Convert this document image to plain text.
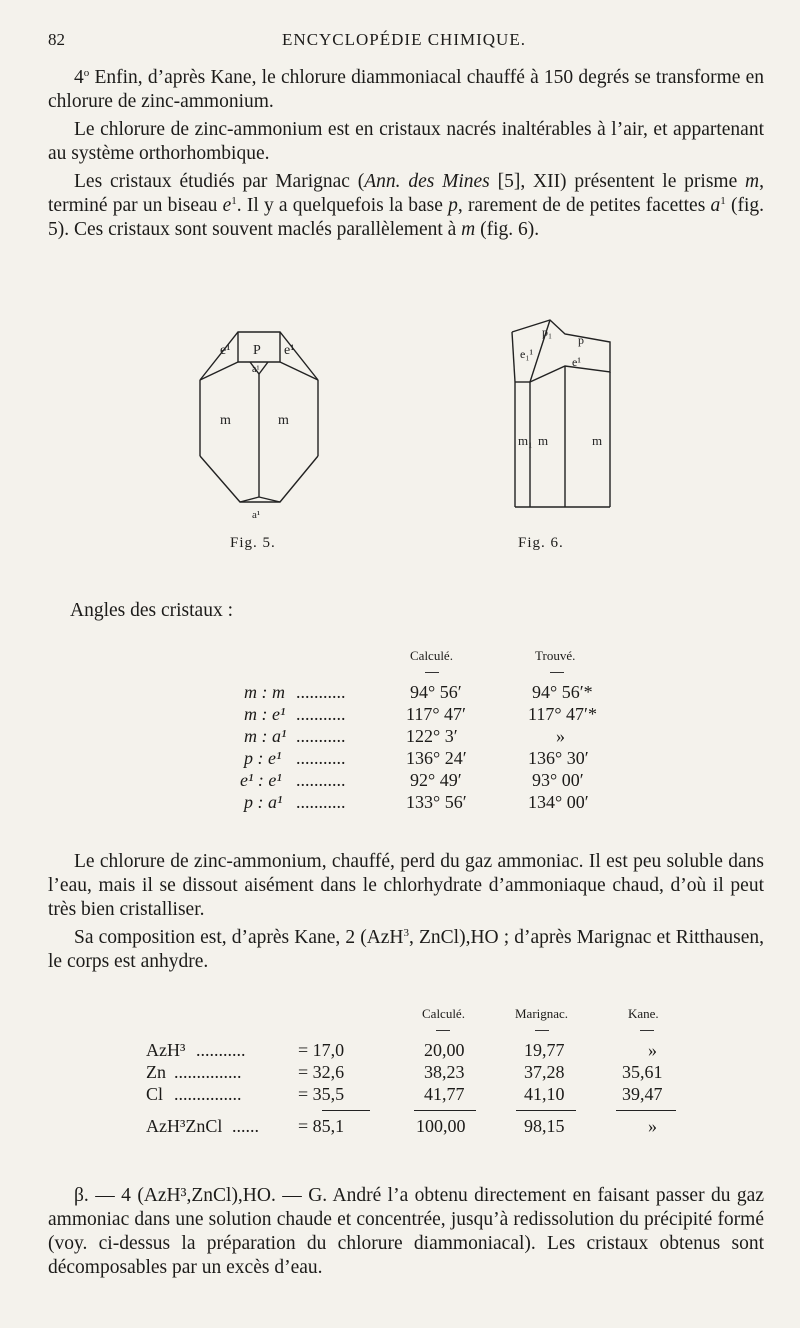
82	ENCYCLOPÉDIE CHIMIQUE.
4$^o$ Enfin, d’après Kane, le chlorure diammoniacal chauffé à 150 degrés se transforme en chlorure de zinc-ammonium.
Le chlorure de zinc-ammonium est en cristaux nacrés inaltérables à l’air, et appartenant au système orthorhombique.
Les cristaux étudiés par Marignac (Ann. des Mines [5], XII) présentent le prisme m, terminé par un biseau $e^1$. Il y a quelquefois la base p, rarement de de petites facettes $a^1$ (fig. 5). Ces cristaux sont souvent maclés parallèlement à m (fig. 6).
e¹ P e¹
a¹
m	m
a¹
p₁
p
e₁¹
e¹
m₁ m	m
Fig. 5.	Fig. 6.
Angles des cristaux :
Calculé.	Trouvé.
m : m ...........	94° 56′	94° 56′*
m : e¹ ...........	117° 47′	117° 47′*
m : a¹ ...........	122° 3′	»
p : e¹ ...........	136° 24′	136° 30′
e¹ : e¹ ...........	92° 49′	93° 00′
p : a¹ ...........	133° 56′	134° 00′
Le chlorure de zinc-ammonium, chauffé, perd du gaz ammoniac. Il est peu soluble dans l’eau, mais il se dissout aisément dans le chlorhydrate d’ammoniaque chaud, d’où il peut très bien cristalliser.
Sa composition est, d’après Kane, 2 (AzH$^3$, ZnCl),HO ; d’après Marignac et Ritthausen, le corps est anhydre.
Calculé.	Marignac.	Kane.
AzH³ ...........	= 17,0	20,00	19,77	»
Zn ...............	= 32,6	38,23	37,28	35,61
Cl ...............	= 35,5	41,77	41,10	39,47
AzH³ZnCl ...... = 85,1	100,00	98,15	»
β. — 4 (AzH³,ZnCl),HO. — G. André l’a obtenu directement en faisant passer du gaz ammoniac dans une solution chaude et concentrée, jusqu’à redissolution du précipité formé (voy. ci-dessus la préparation du chlorure diammoniacal). Les cristaux obtenus sont décomposables par un excès d’eau.
